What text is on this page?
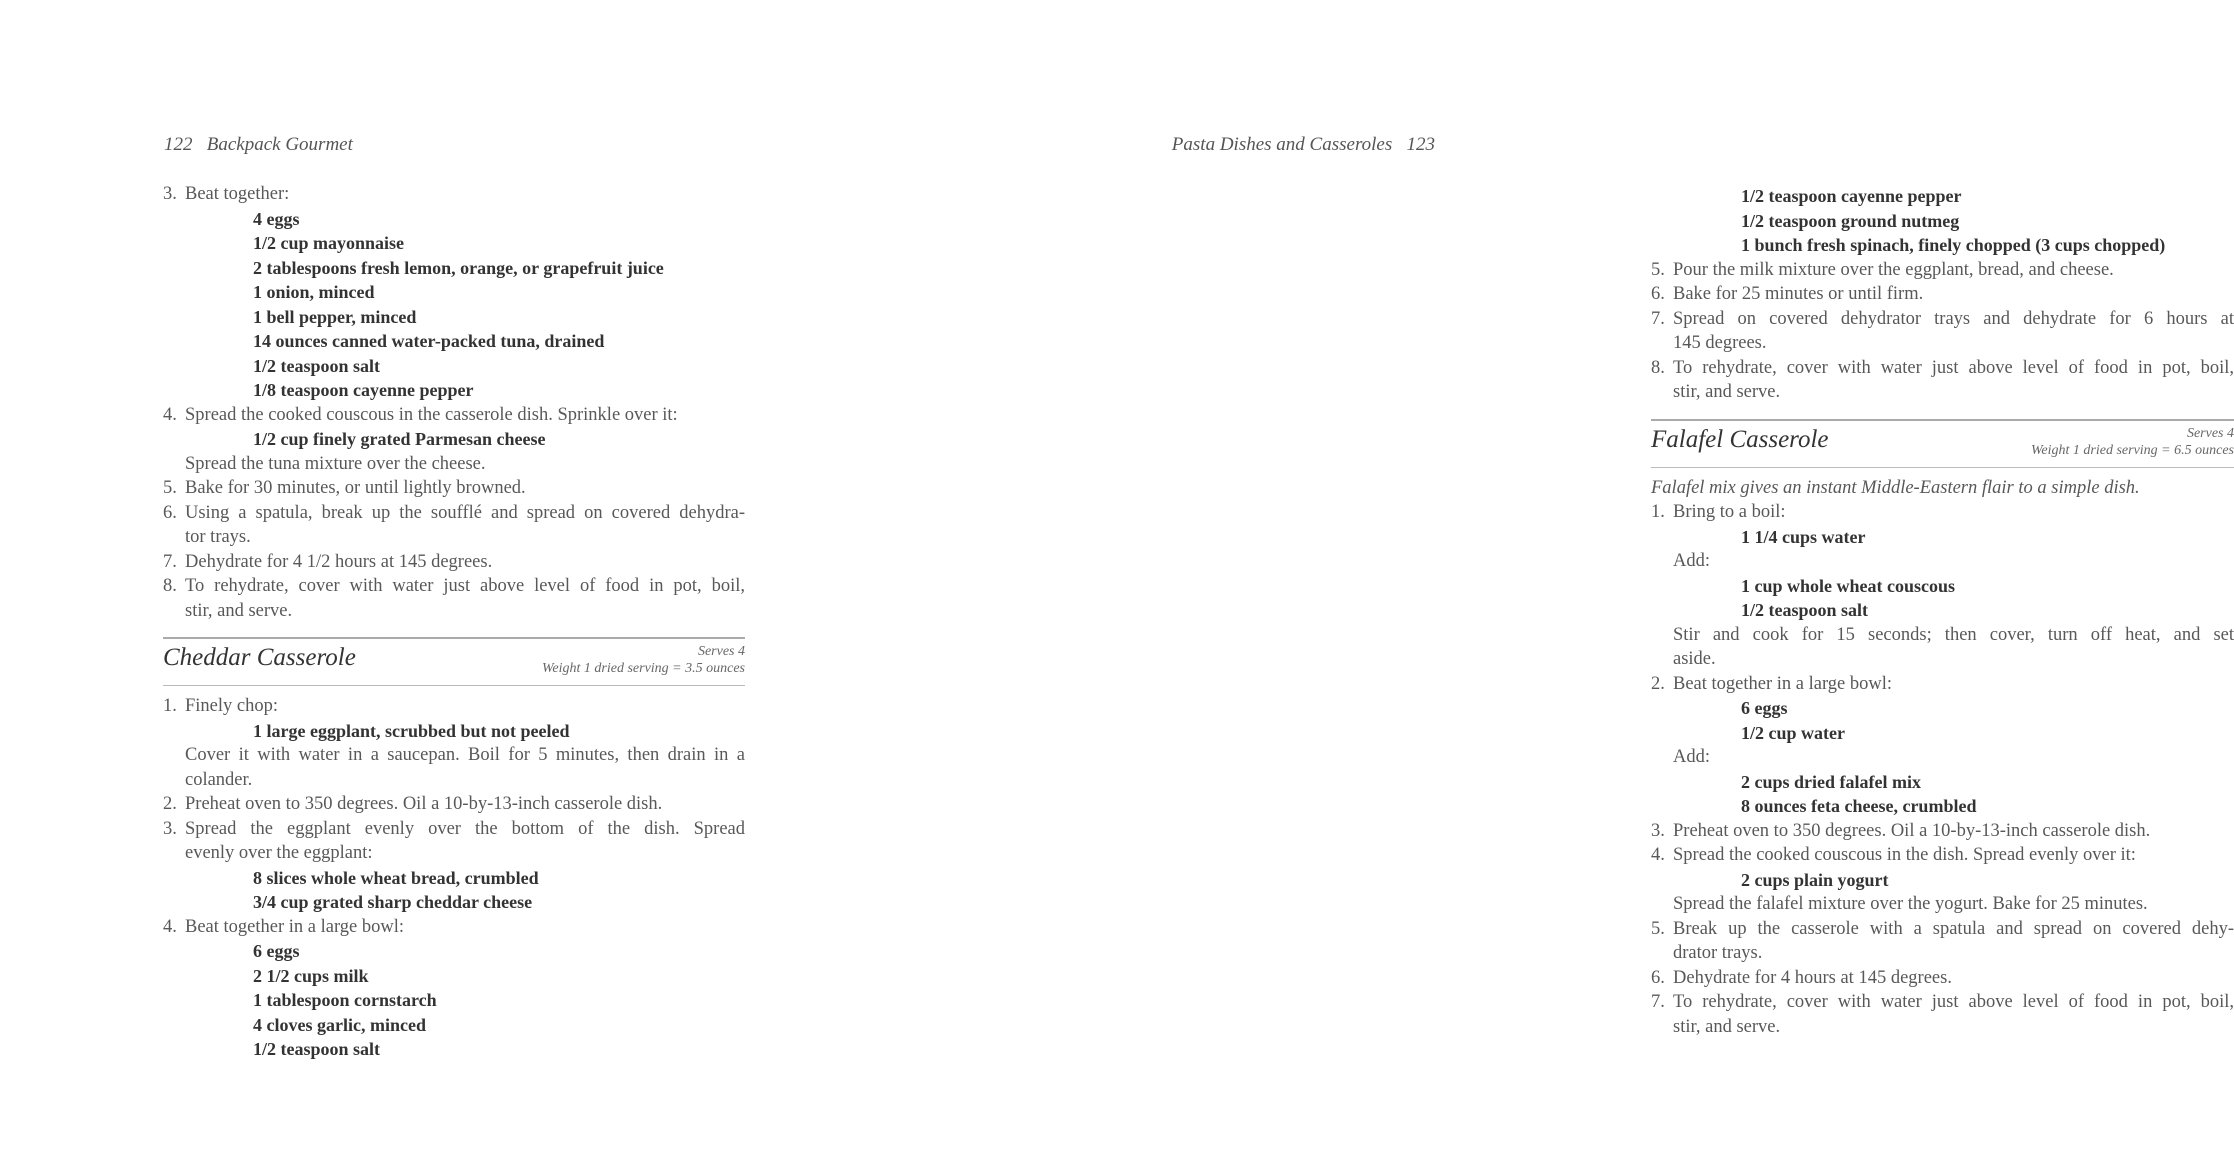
122 Backpack Gourmet
3. Beat together:
4 eggs
1/2 cup mayonnaise
2 tablespoons fresh lemon, orange, or grapefruit juice
1 onion, minced
1 bell pepper, minced
14 ounces canned water-packed tuna, drained
1/2 teaspoon salt
1/8 teaspoon cayenne pepper
4. Spread the cooked couscous in the casserole dish. Sprinkle over it:
1/2 cup finely grated Parmesan cheese
Spread the tuna mixture over the cheese.
5. Bake for 30 minutes, or until lightly browned.
6. Using a spatula, break up the soufflé and spread on covered dehydra-
tor trays.
7. Dehydrate for 4 1/2 hours at 145 degrees.
8. To rehydrate, cover with water just above level of food in pot, boil,
stir, and serve.
Cheddar Casserole	Serves 4
Weight 1 dried serving = 3.5 ounces
1. Finely chop:
1 large eggplant, scrubbed but not peeled
Cover it with water in a saucepan. Boil for 5 minutes, then drain in a
colander.
2. Preheat oven to 350 degrees. Oil a 10-by-13-inch casserole dish.
3. Spread the eggplant evenly over the bottom of the dish. Spread
evenly over the eggplant:
8 slices whole wheat bread, crumbled
3/4 cup grated sharp cheddar cheese
4. Beat together in a large bowl:
6 eggs
2 1/2 cups milk
1 tablespoon cornstarch
4 cloves garlic, minced
1/2 teaspoon salt
Pasta Dishes and Casseroles 123
1/2 teaspoon cayenne pepper
1/2 teaspoon ground nutmeg
1 bunch fresh spinach, finely chopped (3 cups chopped)
5. Pour the milk mixture over the eggplant, bread, and cheese.
6. Bake for 25 minutes or until firm.
7. Spread on covered dehydrator trays and dehydrate for 6 hours at
145 degrees.
8. To rehydrate, cover with water just above level of food in pot, boil,
stir, and serve.
Falafel Casserole	Serves 4
Weight 1 dried serving = 6.5 ounces
Falafel mix gives an instant Middle-Eastern flair to a simple dish.
1. Bring to a boil:
1 1/4 cups water
Add:
1 cup whole wheat couscous
1/2 teaspoon salt
Stir and cook for 15 seconds; then cover, turn off heat, and set
aside.
2. Beat together in a large bowl:
6 eggs
1/2 cup water
Add:
2 cups dried falafel mix
8 ounces feta cheese, crumbled
3. Preheat oven to 350 degrees. Oil a 10-by-13-inch casserole dish.
4. Spread the cooked couscous in the dish. Spread evenly over it:
2 cups plain yogurt
Spread the falafel mixture over the yogurt. Bake for 25 minutes.
5. Break up the casserole with a spatula and spread on covered dehy-
drator trays.
6. Dehydrate for 4 hours at 145 degrees.
7. To rehydrate, cover with water just above level of food in pot, boil,
stir, and serve.
